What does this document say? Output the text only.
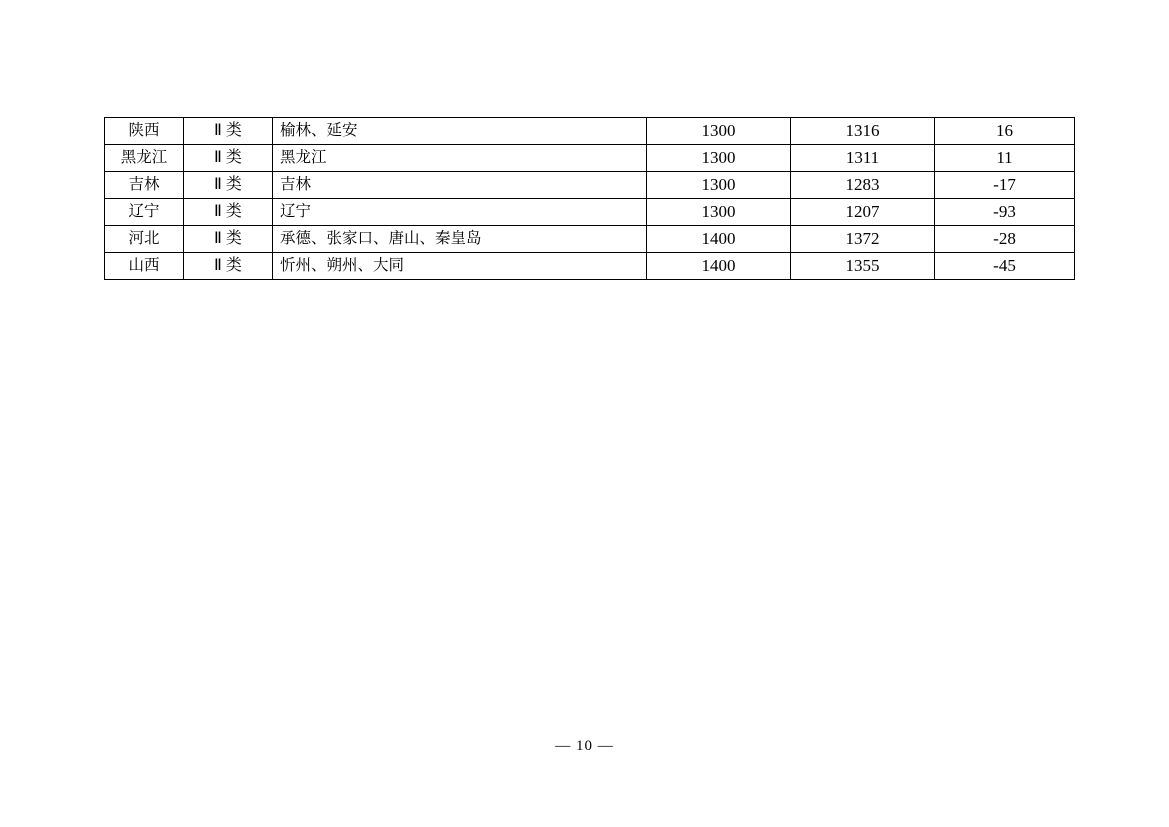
陕西	Ⅱ 类	榆林、延安	1300	1316	16
黑龙江	Ⅱ 类	黑龙江	1300	1311	11
吉林	Ⅱ 类	吉林	1300	1283	-17
辽宁	Ⅱ 类	辽宁	1300	1207	-93
河北	Ⅱ 类	承德、张家口、唐山、秦皇岛	1400	1372	-28
山西	Ⅱ 类	忻州、朔州、大同	1400	1355	-45
— 10 —
